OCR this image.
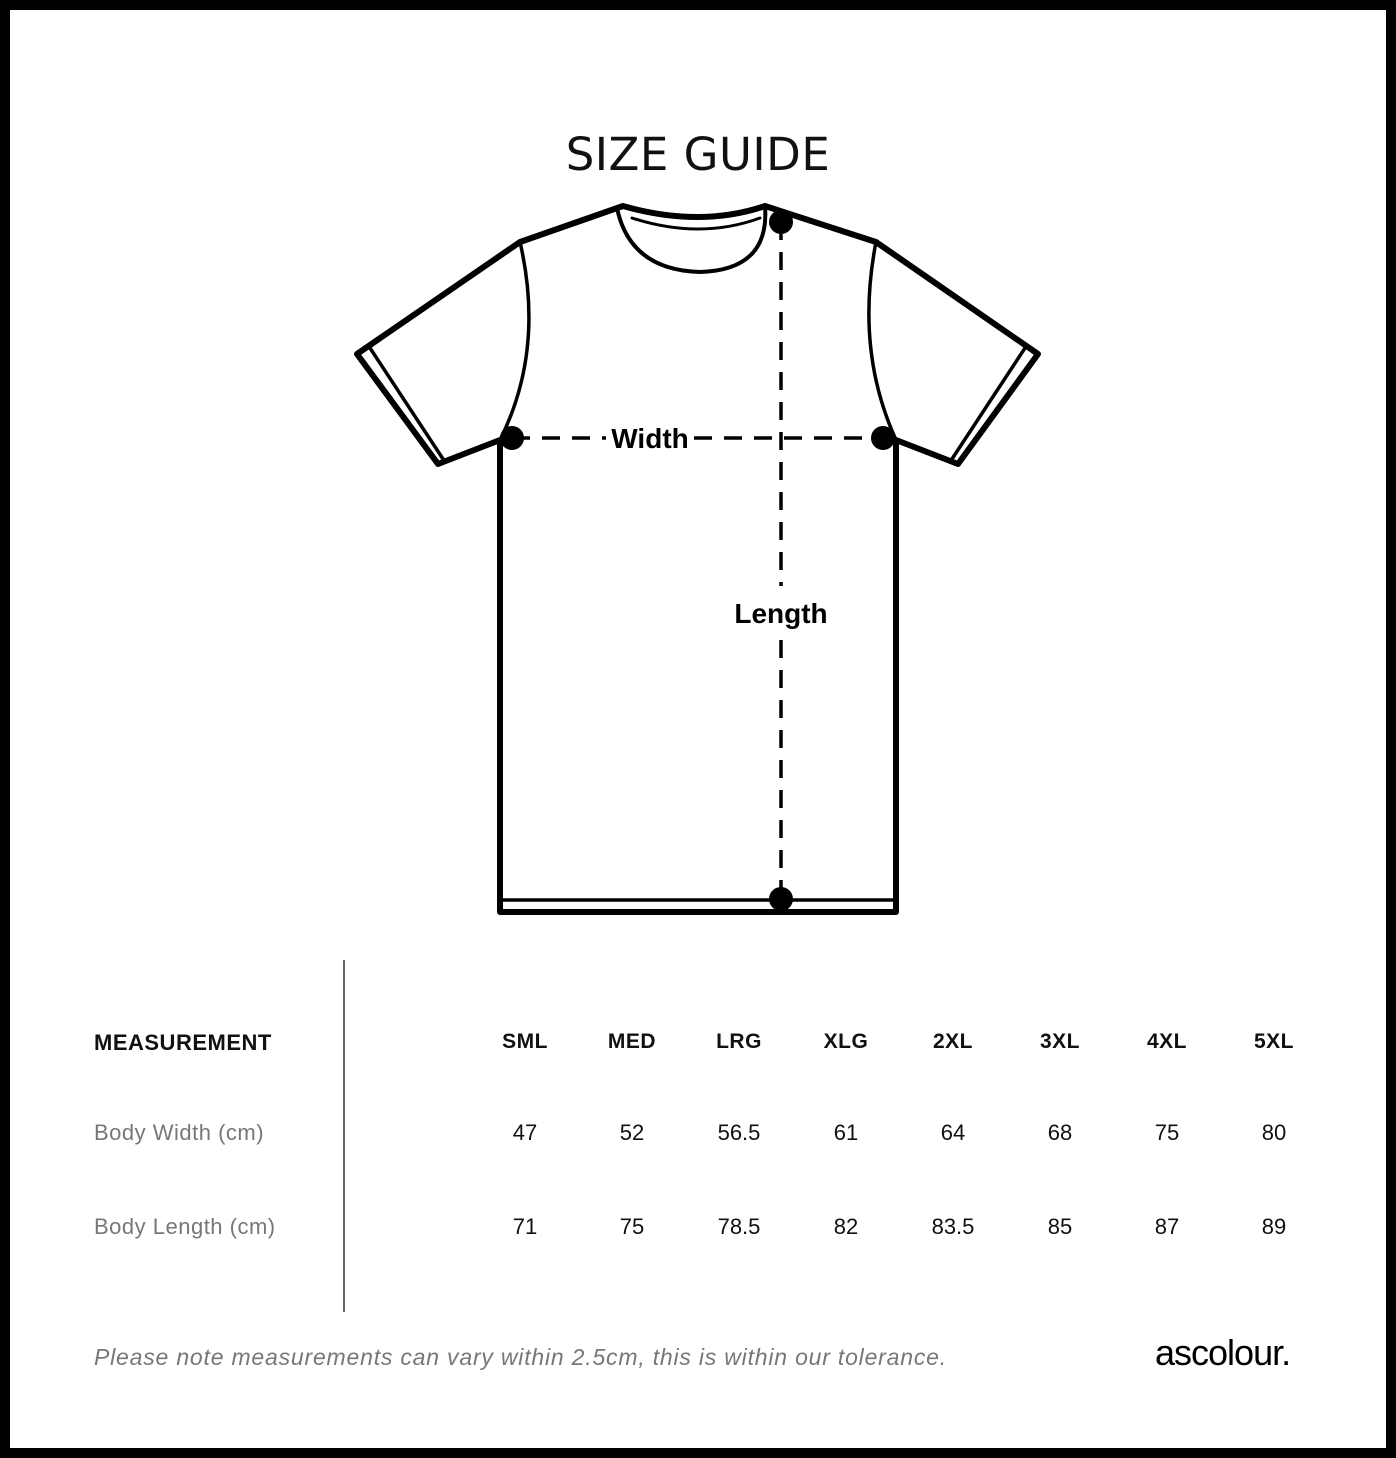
SIZE GUIDE
Width
Length
MEASUREMENT	SML	MED	LRG	XLG	2XL	3XL	4XL	5XL
Body Width (cm)	47	52	56.5	61	64	68	75	80
Body Length (cm)	71	75	78.5	82	83.5	85	87	89
Please note measurements can vary within 2.5cm, this is within our tolerance.	ascolour.
